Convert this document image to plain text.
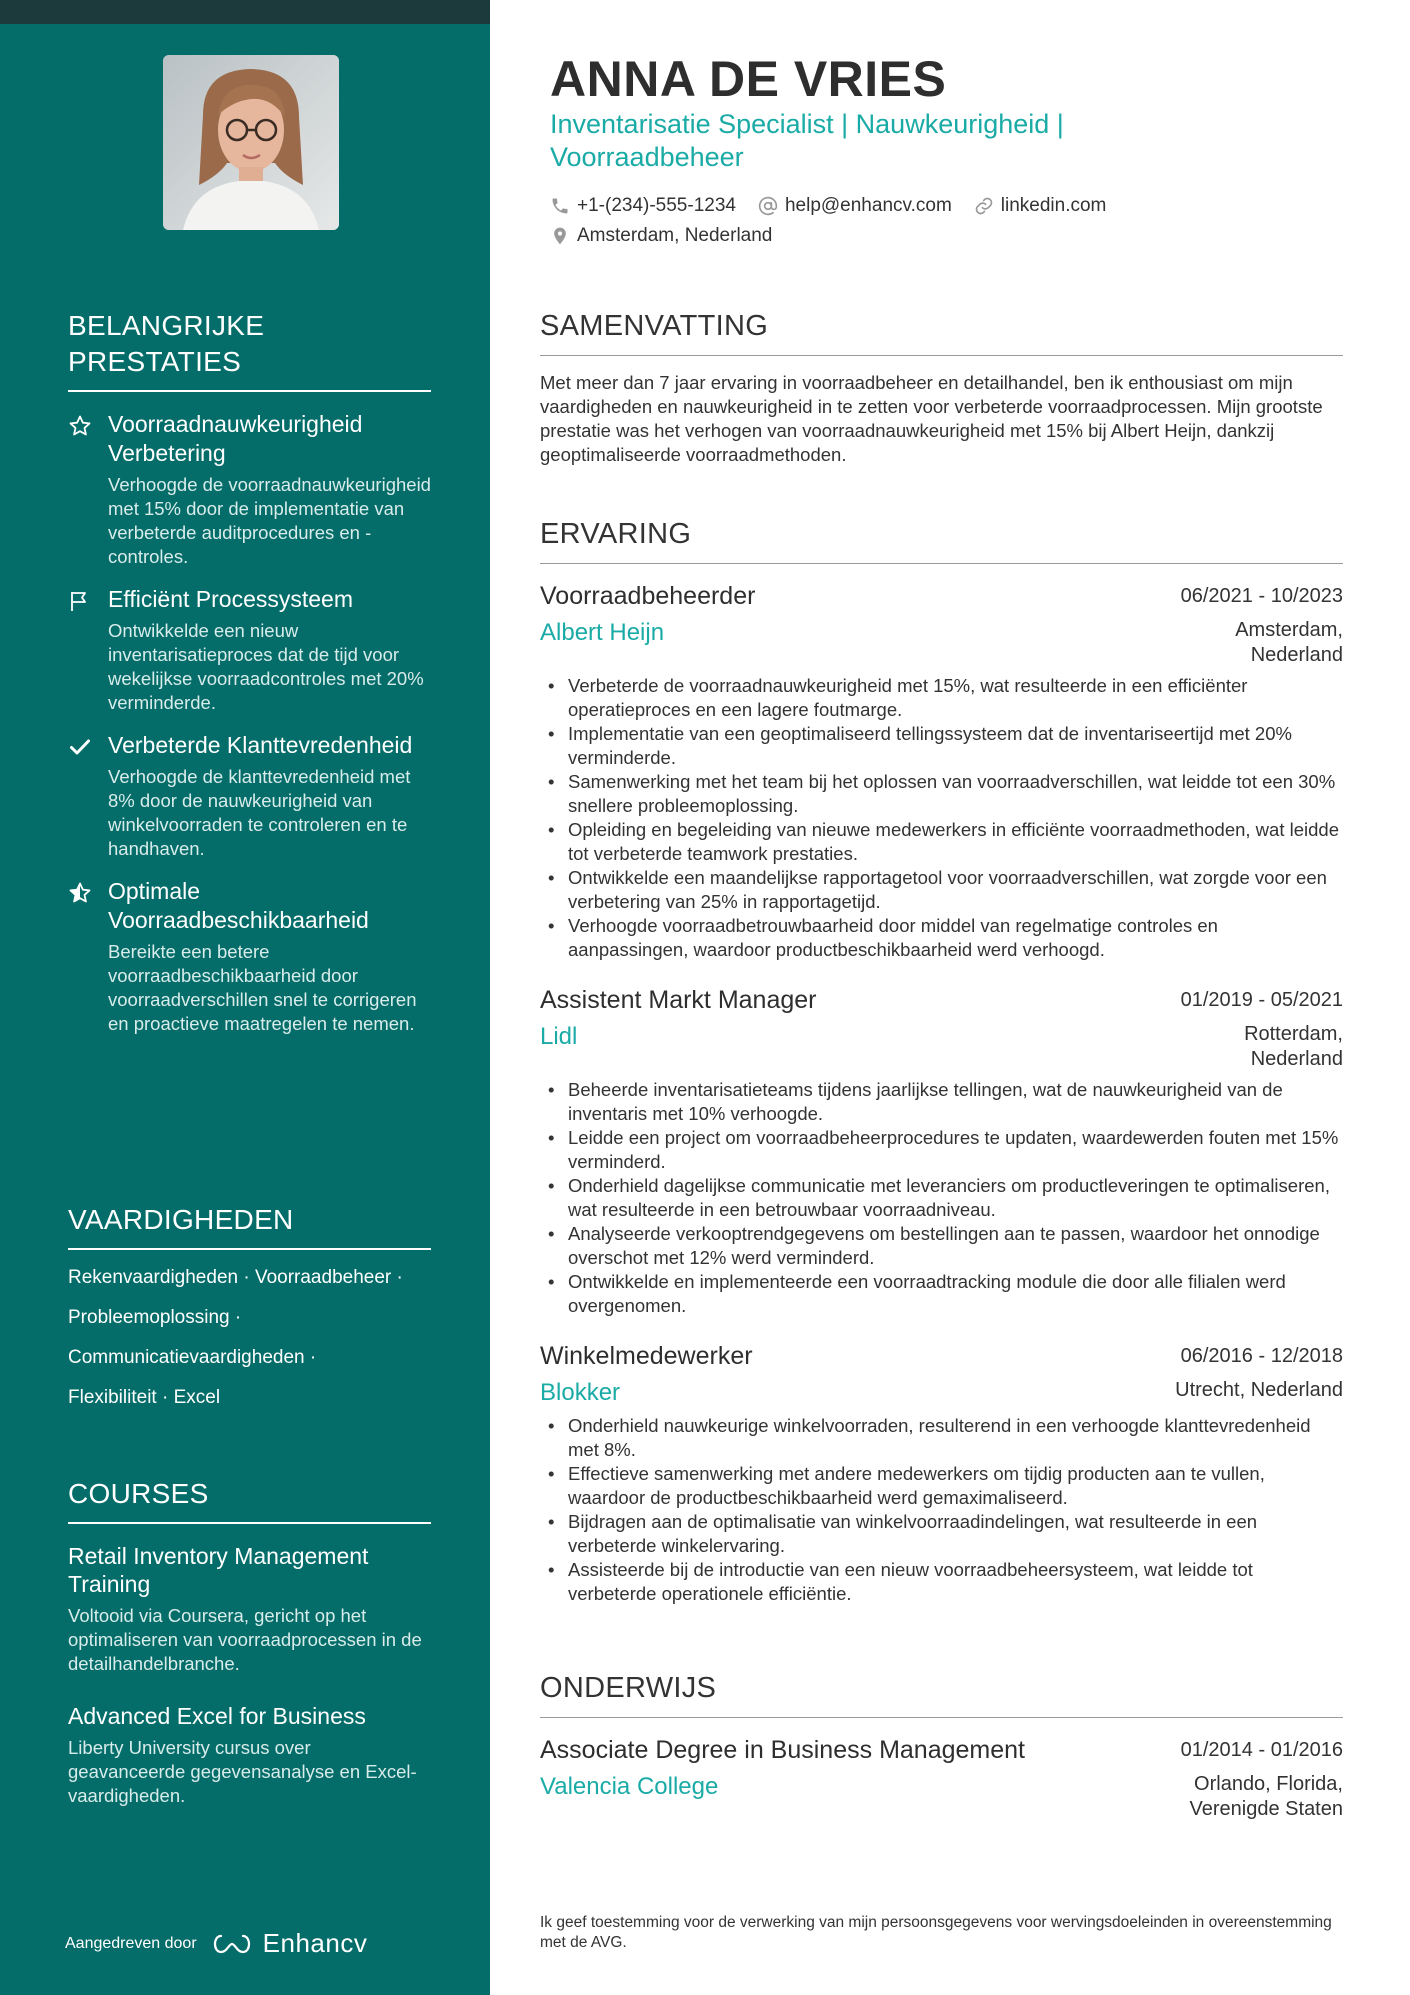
BELANGRIJKE PRESTATIES
Voorraadnauwkeurigheid Verbetering
Verhoogde de voorraadnauwkeurigheid met 15% door de implementatie van verbeterde auditprocedures en -controles.
Efficiënt Processysteem
Ontwikkelde een nieuw inventarisatieproces dat de tijd voor wekelijkse voorraadcontroles met 20% verminderde.
Verbeterde Klanttevredenheid
Verhoogde de klanttevredenheid met 8% door de nauwkeurigheid van winkelvoorraden te controleren en te handhaven.
Optimale Voorraadbeschikbaarheid
Bereikte een betere voorraadbeschikbaarheid door voorraadverschillen snel te corrigeren en proactieve maatregelen te nemen.
VAARDIGHEDEN
Rekenvaardigheden · Voorraadbeheer ·
Probleemoplossing ·
Communicatievaardigheden ·
Flexibiliteit · Excel
COURSES
Retail Inventory Management Training
Voltooid via Coursera, gericht op het optimaliseren van voorraadprocessen in de detailhandelbranche.
Advanced Excel for Business
Liberty University cursus over geavanceerde gegevensanalyse en Excel-vaardigheden.
Aangedreven door	Enhancv
ANNA DE VRIES
Inventarisatie Specialist | Nauwkeurigheid | Voorraadbeheer
+1-(234)-555-1234	help@enhancv.com	linkedin.com
Amsterdam, Nederland
SAMENVATTING
Met meer dan 7 jaar ervaring in voorraadbeheer en detailhandel, ben ik enthousiast om mijn vaardigheden en nauwkeurigheid in te zetten voor verbeterde voorraadprocessen. Mijn grootste prestatie was het verhogen van voorraadnauwkeurigheid met 15% bij Albert Heijn, dankzij geoptimaliseerde voorraadmethoden.
ERVARING
Voorraadbeheerder	06/2021 - 10/2023
Albert Heijn	Amsterdam,
Nederland
• Verbeterde de voorraadnauwkeurigheid met 15%, wat resulteerde in een efficiënter operatieproces en een lagere foutmarge.
• Implementatie van een geoptimaliseerd tellingssysteem dat de inventariseertijd met 20% verminderde.
• Samenwerking met het team bij het oplossen van voorraadverschillen, wat leidde tot een 30% snellere probleemoplossing.
• Opleiding en begeleiding van nieuwe medewerkers in efficiënte voorraadmethoden, wat leidde tot verbeterde teamwork prestaties.
• Ontwikkelde een maandelijkse rapportagetool voor voorraadverschillen, wat zorgde voor een verbetering van 25% in rapportagetijd.
• Verhoogde voorraadbetrouwbaarheid door middel van regelmatige controles en aanpassingen, waardoor productbeschikbaarheid werd verhoogd.
Assistent Markt Manager	01/2019 - 05/2021
Lidl	Rotterdam,
Nederland
• Beheerde inventarisatieteams tijdens jaarlijkse tellingen, wat de nauwkeurigheid van de inventaris met 10% verhoogde.
• Leidde een project om voorraadbeheerprocedures te updaten, waardewerden fouten met 15% verminderd.
• Onderhield dagelijkse communicatie met leveranciers om productleveringen te optimaliseren, wat resulteerde in een betrouwbaar voorraadniveau.
• Analyseerde verkooptrendgegevens om bestellingen aan te passen, waardoor het onnodige overschot met 12% werd verminderd.
• Ontwikkelde en implementeerde een voorraadtracking module die door alle filialen werd overgenomen.
Winkelmedewerker	06/2016 - 12/2018
Blokker	Utrecht, Nederland
• Onderhield nauwkeurige winkelvoorraden, resulterend in een verhoogde klanttevredenheid met 8%.
• Effectieve samenwerking met andere medewerkers om tijdig producten aan te vullen, waardoor de productbeschikbaarheid werd gemaximaliseerd.
• Bijdragen aan de optimalisatie van winkelvoorraadindelingen, wat resulteerde in een verbeterde winkelervaring.
• Assisteerde bij de introductie van een nieuw voorraadbeheersysteem, wat leidde tot verbeterde operationele efficiëntie.
ONDERWIJS
Associate Degree in Business Management	01/2014 - 01/2016
Valencia College	Orlando, Florida,
Verenigde Staten
Ik geef toestemming voor de verwerking van mijn persoonsgegevens voor wervingsdoeleinden in overeenstemming met de AVG.
